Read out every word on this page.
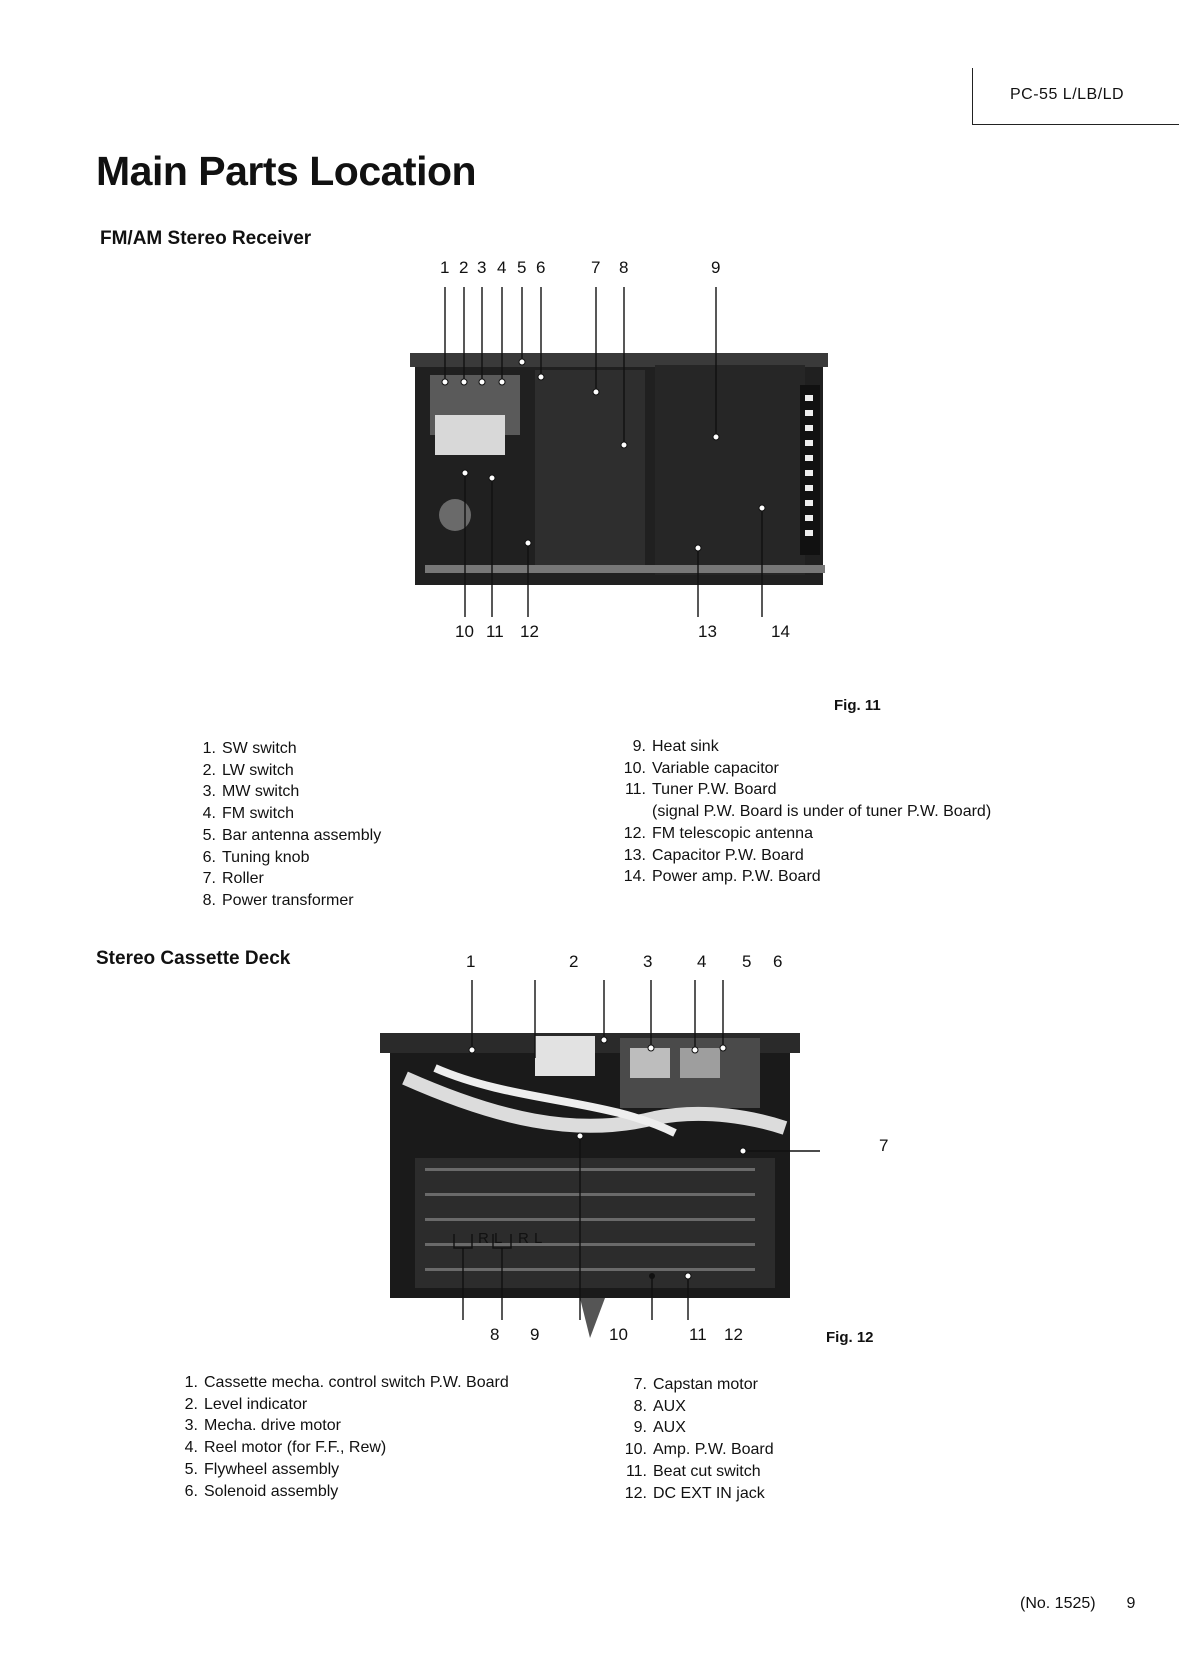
PC-55 L/LB/LD
Main Parts Location
FM/AM Stereo Receiver
1 2 3 4 5 6	7 8	9
10 11 12	13	14
Fig. 11
1. SW switch
2. LW switch
3. MW switch
4. FM switch
5. Bar antenna assembly
6. Tuning knob
7. Roller
8. Power transformer
9. Heat sink
10. Variable capacitor
11. Tuner P.W. Board
(signal P.W. Board is under of tuner P.W. Board)
12. FM telescopic antenna
13. Capacitor P.W. Board
14. Power amp. P.W. Board
Stereo Cassette Deck	1	2	3	4 5 6
7
R L R L
8 9	10	11 12	Fig. 12
1. Cassette mecha. control switch P.W. Board
2. Level indicator
3. Mecha. drive motor
4. Reel motor (for F.F., Rew)
5. Flywheel assembly
6. Solenoid assembly
7. Capstan motor
8. AUX
9. AUX
10. Amp. P.W. Board
11. Beat cut switch
12. DC EXT IN jack
(No. 1525) 9
